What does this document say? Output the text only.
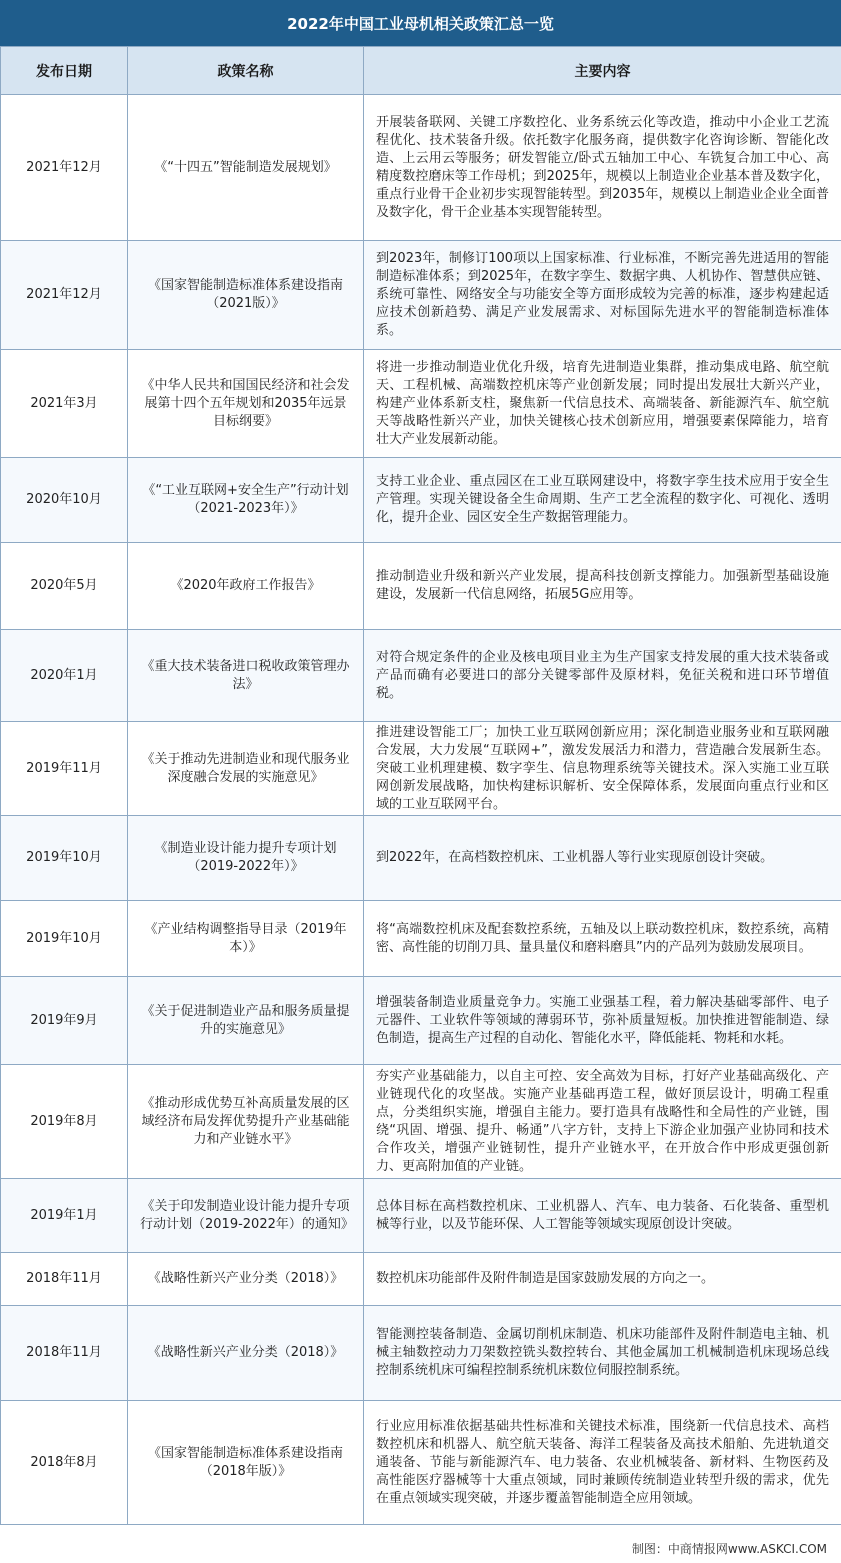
2022年中国工业母机相关政策汇总一览
发布日期	政策名称	主要内容
2021年12月	《“十四五”智能制造发展规划》	开展装备联网、关键工序数控化、业务系统云化等改造，推动中小企业工艺流程优化、技术装备升级。依托数字化服务商，提供数字化咨询诊断、智能化改造、上云用云等服务；研发智能立/卧式五轴加工中心、车铣复合加工中心、高精度数控磨床等工作母机；到2025年，规模以上制造业企业基本普及数字化，重点行业骨干企业初步实现智能转型。到2035年，规模以上制造业企业全面普及数字化，骨干企业基本实现智能转型。
2021年12月	《国家智能制造标准体系建设指南（2021版）》	到2023年，制修订100项以上国家标准、行业标准，不断完善先进适用的智能制造标准体系；到2025年，在数字孪生、数据字典、人机协作、智慧供应链、系统可靠性、网络安全与功能安全等方面形成较为完善的标准，逐步构建起适应技术创新趋势、满足产业发展需求、对标国际先进水平的智能制造标准体系。
2021年3月	《中华人民共和国国民经济和社会发展第十四个五年规划和2035年远景目标纲要》	将进一步推动制造业优化升级，培育先进制造业集群，推动集成电路、航空航天、工程机械、高端数控机床等产业创新发展；同时提出发展壮大新兴产业，构建产业体系新支柱，聚焦新一代信息技术、高端装备、新能源汽车、航空航天等战略性新兴产业，加快关键核心技术创新应用，增强要素保障能力，培育壮大产业发展新动能。
2020年10月	《“工业互联网+安全生产”行动计划（2021-2023年）》	支持工业企业、重点园区在工业互联网建设中，将数字孪生技术应用于安全生产管理。实现关键设备全生命周期、生产工艺全流程的数字化、可视化、透明化，提升企业、园区安全生产数据管理能力。
2020年5月	《2020年政府工作报告》	推动制造业升级和新兴产业发展，提高科技创新支撑能力。加强新型基础设施建设，发展新一代信息网络，拓展5G应用等。
2020年1月	《重大技术装备进口税收政策管理办法》	对符合规定条件的企业及核电项目业主为生产国家支持发展的重大技术装备或产品而确有必要进口的部分关键零部件及原材料，免征关税和进口环节增值税。
2019年11月	《关于推动先进制造业和现代服务业深度融合发展的实施意见》	推进建设智能工厂；加快工业互联网创新应用；深化制造业服务业和互联网融合发展，大力发展“互联网+”，激发发展活力和潜力，营造融合发展新生态。突破工业机理建模、数字孪生、信息物理系统等关键技术。深入实施工业互联网创新发展战略，加快构建标识解析、安全保障体系，发展面向重点行业和区域的工业互联网平台。
2019年10月	《制造业设计能力提升专项计划（2019-2022年）》	到2022年，在高档数控机床、工业机器人等行业实现原创设计突破。
2019年10月	《产业结构调整指导目录（2019年本）》	将“高端数控机床及配套数控系统，五轴及以上联动数控机床，数控系统，高精密、高性能的切削刀具、量具量仪和磨料磨具”内的产品列为鼓励发展项目。
2019年9月	《关于促进制造业产品和服务质量提升的实施意见》	增强装备制造业质量竞争力。实施工业强基工程，着力解决基础零部件、电子元器件、工业软件等领域的薄弱环节，弥补质量短板。加快推进智能制造、绿色制造，提高生产过程的自动化、智能化水平，降低能耗、物耗和水耗。
2019年8月	《推动形成优势互补高质量发展的区域经济布局发挥优势提升产业基础能力和产业链水平》	夯实产业基础能力，以自主可控、安全高效为目标，打好产业基础高级化、产业链现代化的攻坚战。实施产业基础再造工程，做好顶层设计，明确工程重点，分类组织实施，增强自主能力。要打造具有战略性和全局性的产业链，围绕“巩固、增强、提升、畅通”八字方针，支持上下游企业加强产业协同和技术合作攻关，增强产业链韧性，提升产业链水平，在开放合作中形成更强创新力、更高附加值的产业链。
2019年1月	《关于印发制造业设计能力提升专项行动计划（2019-2022年）的通知》	总体目标在高档数控机床、工业机器人、汽车、电力装备、石化装备、重型机械等行业，以及节能环保、人工智能等领域实现原创设计突破。
2018年11月	《战略性新兴产业分类（2018）》	数控机床功能部件及附件制造是国家鼓励发展的方向之一。
2018年11月	《战略性新兴产业分类（2018）》	智能测控装备制造、金属切削机床制造、机床功能部件及附件制造电主轴、机械主轴数控动力刀架数控铣头数控转台、其他金属加工机械制造机床现场总线控制系统机床可编程控制系统机床数位伺服控制系统。
2018年8月	《国家智能制造标准体系建设指南（2018年版）》	行业应用标准依据基础共性标准和关键技术标准，围绕新一代信息技术、高档数控机床和机器人、航空航天装备、海洋工程装备及高技术船舶、先进轨道交通装备、节能与新能源汽车、电力装备、农业机械装备、新材料、生物医药及高性能医疗器械等十大重点领域，同时兼顾传统制造业转型升级的需求，优先在重点领域实现突破，并逐步覆盖智能制造全应用领域。
制图：中商情报网www.ASKCI.COM
